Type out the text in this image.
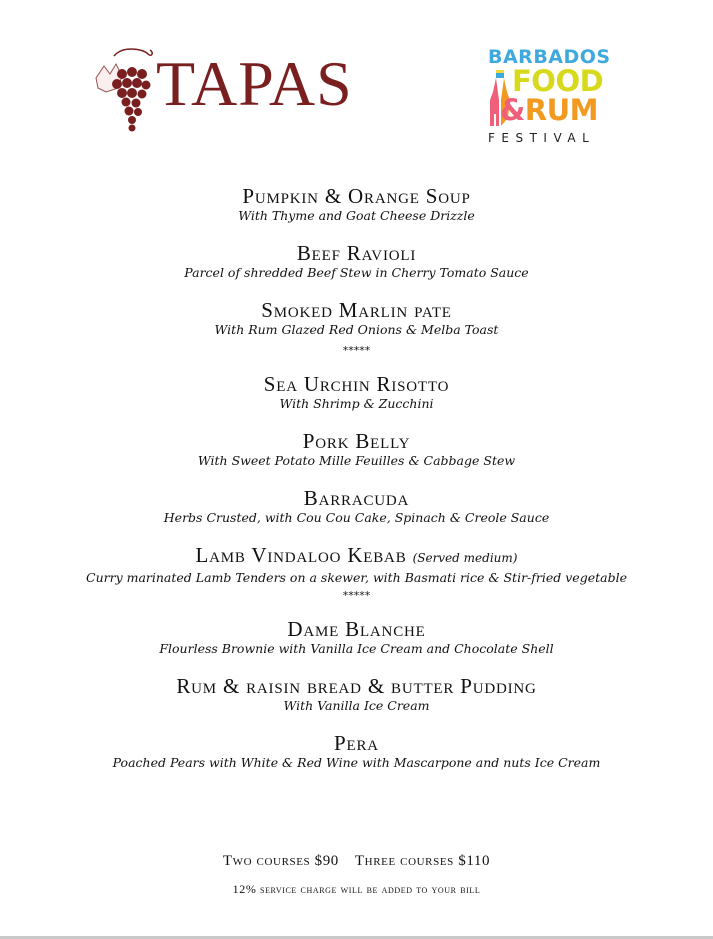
TAPAS	BARBADOS
FOOD
&RUM
FESTIVAL
Pumpkin & Orange Soup
With Thyme and Goat Cheese Drizzle
Beef Ravioli
Parcel of shredded Beef Stew in Cherry Tomato Sauce
Smoked Marlin pate
With Rum Glazed Red Onions & Melba Toast
*****
Sea Urchin Risotto
With Shrimp & Zucchini
Pork Belly
With Sweet Potato Mille Feuilles & Cabbage Stew
Barracuda
Herbs Crusted, with Cou Cou Cake, Spinach & Creole Sauce
Lamb Vindaloo Kebab (Served medium)
Curry marinated Lamb Tenders on a skewer, with Basmati rice & Stir-fried vegetable
*****
Dame Blanche
Flourless Brownie with Vanilla Ice Cream and Chocolate Shell
Rum & raisin bread & butter Pudding
With Vanilla Ice Cream
Pera
Poached Pears with White & Red Wine with Mascarpone and nuts Ice Cream
Two courses $90 Three courses $110
12% service charge will be added to your bill
